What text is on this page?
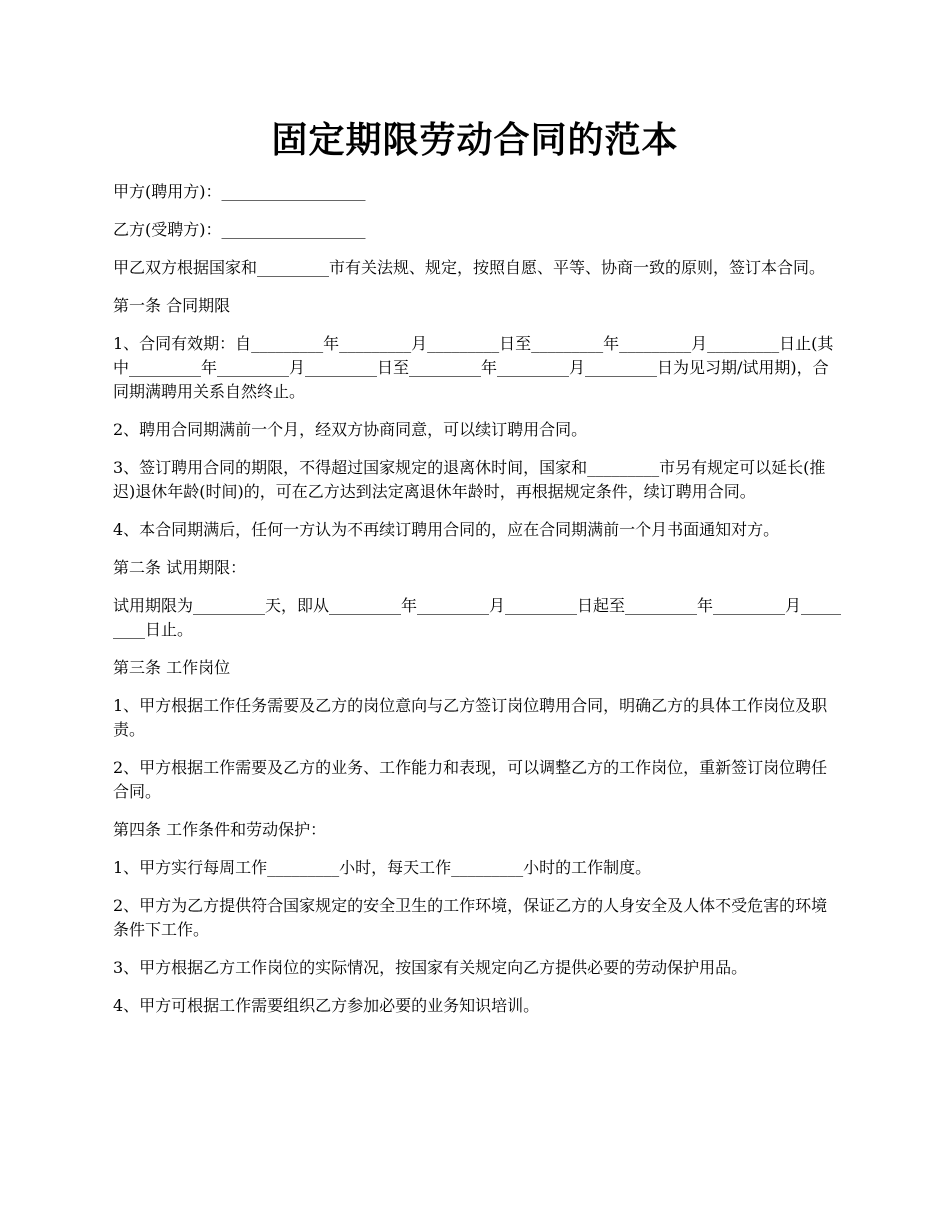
固定期限劳动合同的范本

甲方(聘用方)：__________________

乙方(受聘方)：__________________

甲乙双方根据国家和_________市有关法规、规定，按照自愿、平等、协商一致的原则，签订本合同。

第一条 合同期限

1、合同有效期：自_________年_________月_________日至_________年_________月_________日止(其中_________年_________月_________日至_________年_________月_________日为见习期/试用期)，合同期满聘用关系自然终止。

2、聘用合同期满前一个月，经双方协商同意，可以续订聘用合同。

3、签订聘用合同的期限，不得超过国家规定的退离休时间，国家和_________市另有规定可以延长(推迟)退休年龄(时间)的，可在乙方达到法定离退休年龄时，再根据规定条件，续订聘用合同。

4、本合同期满后，任何一方认为不再续订聘用合同的，应在合同期满前一个月书面通知对方。

第二条 试用期限：

试用期限为_________天，即从_________年_________月_________日起至_________年_________月_________日止。

第三条 工作岗位

1、甲方根据工作任务需要及乙方的岗位意向与乙方签订岗位聘用合同，明确乙方的具体工作岗位及职责。

2、甲方根据工作需要及乙方的业务、工作能力和表现，可以调整乙方的工作岗位，重新签订岗位聘任合同。

第四条 工作条件和劳动保护：

1、甲方实行每周工作_________小时，每天工作_________小时的工作制度。

2、甲方为乙方提供符合国家规定的安全卫生的工作环境，保证乙方的人身安全及人体不受危害的环境条件下工作。

3、甲方根据乙方工作岗位的实际情况，按国家有关规定向乙方提供必要的劳动保护用品。

4、甲方可根据工作需要组织乙方参加必要的业务知识培训。
